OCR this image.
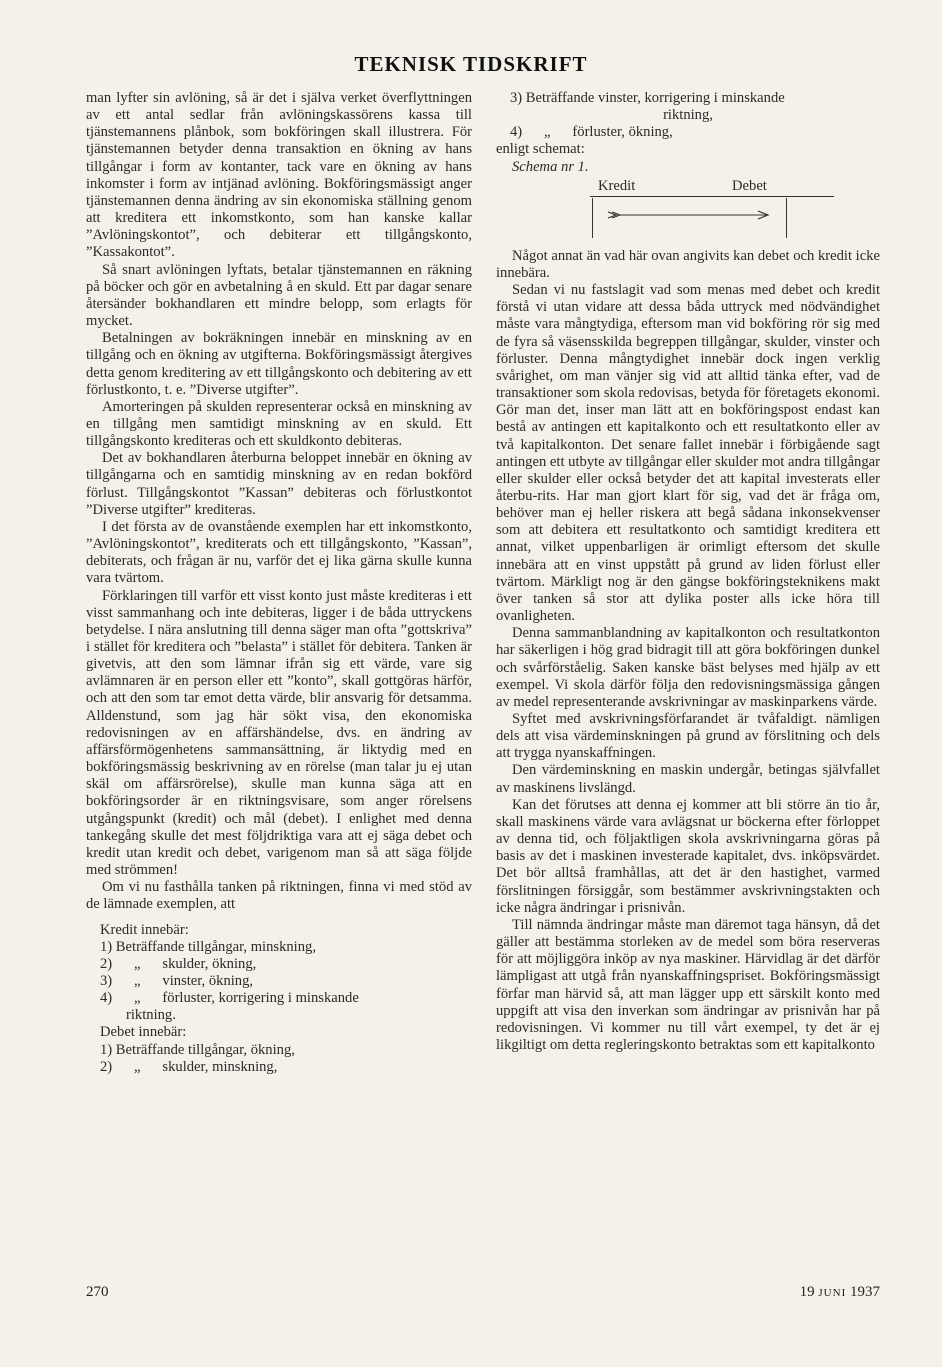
TEKNISK TIDSKRIFT

man lyfter sin avlöning, så är det i själva verket överflyttningen av ett antal sedlar från avlöningskassörens kassa till tjänstemannens plånbok, som bokföringen skall illustrera. För tjänstemannen betyder denna transaktion en ökning av hans tillgångar i form av kontanter, tack vare en ökning av hans inkomster i form av intjänad avlöning. Bokföringsmässigt anger tjänstemannen denna ändring av sin ekonomiska ställning genom att kreditera ett inkomstkonto, som han kanske kallar ”Avlöningskontot”, och debiterar ett tillgångskonto, ”Kassakontot”.

Så snart avlöningen lyftats, betalar tjänstemannen en räkning på böcker och gör en avbetalning å en skuld. Ett par dagar senare återsänder bokhandlaren ett mindre belopp, som erlagts för mycket.

Betalningen av bokräkningen innebär en minskning av en tillgång och en ökning av utgifterna. Bokföringsmässigt återgives detta genom kreditering av ett tillgångskonto och debitering av ett förlustkonto, t. e. ”Diverse utgifter”.

Amorteringen på skulden representerar också en minskning av en tillgång men samtidigt minskning av en skuld. Ett tillgångskonto krediteras och ett skuldkonto debiteras.

Det av bokhandlaren återburna beloppet innebär en ökning av tillgångarna och en samtidig minskning av en redan bokförd förlust. Tillgångskontot ”Kassan” debiteras och förlustkontot ”Diverse utgifter” krediteras.

I det första av de ovanstående exemplen har ett inkomstkonto, ”Avlöningskontot”, krediterats och ett tillgångskonto, ”Kassan”, debiterats, och frågan är nu, varför det ej lika gärna skulle kunna vara tvärtom.

Förklaringen till varför ett visst konto just måste krediteras i ett visst sammanhang och inte debiteras, ligger i de båda uttryckens betydelse. I nära anslutning till denna säger man ofta ”gottskriva” i stället för kreditera och ”belasta” i stället för debitera. Tanken är givetvis, att den som lämnar ifrån sig ett värde, vare sig avlämnaren är en person eller ett ”konto”, skall gottgöras härför, och att den som tar emot detta värde, blir ansvarig för detsamma. Alldenstund, som jag här sökt visa, den ekonomiska redovisningen av en affärshändelse, dvs. en ändring av affärsförmögenhetens sammansättning, är liktydig med en bokföringsmässig beskrivning av en rörelse (man talar ju ej utan skäl om affärsrörelse), skulle man kunna säga att en bokföringsorder är en riktningsvisare, som anger rörelsens utgångspunkt (kredit) och mål (debet). I enlighet med denna tankegång skulle det mest följdriktiga vara att ej säga debet och kredit utan kredit och debet, varigenom man så att säga följde med strömmen!

Om vi nu fasthålla tanken på riktningen, finna vi med stöd av de lämnade exemplen, att

Kredit innebär:

1) Beträffande tillgångar, minskning,

2)      „      skulder, ökning,

3)      „      vinster, ökning,

4)      „      förluster, korrigering i minskande

riktning.

Debet innebär:

1) Beträffande tillgångar, ökning,

2)      „      skulder, minskning,

3) Beträffande vinster, korrigering i minskande

riktning,

4)      „      förluster, ökning,

enligt schemat:

Schema nr 1.

Kredit	Debet

Något annat än vad här ovan angivits kan debet och kredit icke innebära.

Sedan vi nu fastslagit vad som menas med debet och kredit förstå vi utan vidare att dessa båda uttryck med nödvändighet måste vara mångtydiga, eftersom man vid bokföring rör sig med de fyra så väsensskilda begreppen tillgångar, skulder, vinster och förluster. Denna mångtydighet innebär dock ingen verklig svårighet, om man vänjer sig vid att alltid tänka efter, vad de transaktioner som skola redovisas, betyda för företagets ekonomi. Gör man det, inser man lätt att en bokföringspost endast kan bestå av antingen ett kapitalkonto och ett resultatkonto eller av två kapitalkonton. Det senare fallet innebär i förbigående sagt antingen ett utbyte av tillgångar eller skulder mot andra tillgångar eller skulder eller också betyder det att kapital investerats eller återbu-rits. Har man gjort klart för sig, vad det är fråga om, behöver man ej heller riskera att begå sådana inkonsekvenser som att debitera ett resultatkonto och samtidigt kreditera ett annat, vilket uppenbarligen är orimligt eftersom det skulle innebära att en vinst uppstått på grund av liden förlust eller tvärtom. Märkligt nog är den gängse bokföringsteknikens makt över tanken så stor att dylika poster alls icke höra till ovanligheten.

Denna sammanblandning av kapitalkonton och resultatkonton har säkerligen i hög grad bidragit till att göra bokföringen dunkel och svårförståelig. Saken kanske bäst belyses med hjälp av ett exempel. Vi skola därför följa den redovisningsmässiga gången av medel representerande avskrivningar av maskinparkens värde.

Syftet med avskrivningsförfarandet är tvåfaldigt. nämligen dels att visa värdeminskningen på grund av förslitning och dels att trygga nyanskaffningen.

Den värdeminskning en maskin undergår, betingas självfallet av maskinens livslängd.

Kan det förutses att denna ej kommer att bli större än tio år, skall maskinens värde vara avlägsnat ur böckerna efter förloppet av denna tid, och följaktligen skola avskrivningarna göras på basis av det i maskinen investerade kapitalet, dvs. inköpsvärdet. Det bör alltså framhållas, att det är den hastighet, varmed förslitningen försiggår, som bestämmer avskrivningstakten och icke några ändringar i prisnivån.

Till nämnda ändringar måste man däremot taga hänsyn, då det gäller att bestämma storleken av de medel som böra reserveras för att möjliggöra inköp av nya maskiner. Härvidlag är det därför lämpligast att utgå från nyanskaffningspriset. Bokföringsmässigt förfar man härvid så, att man lägger upp ett särskilt konto med uppgift att visa den inverkan som ändringar av prisnivån har på redovisningen. Vi kommer nu till vårt exempel, ty det är ej likgiltigt om detta regleringskonto betraktas som ett kapitalkonto

270	19 JUNI 1937
